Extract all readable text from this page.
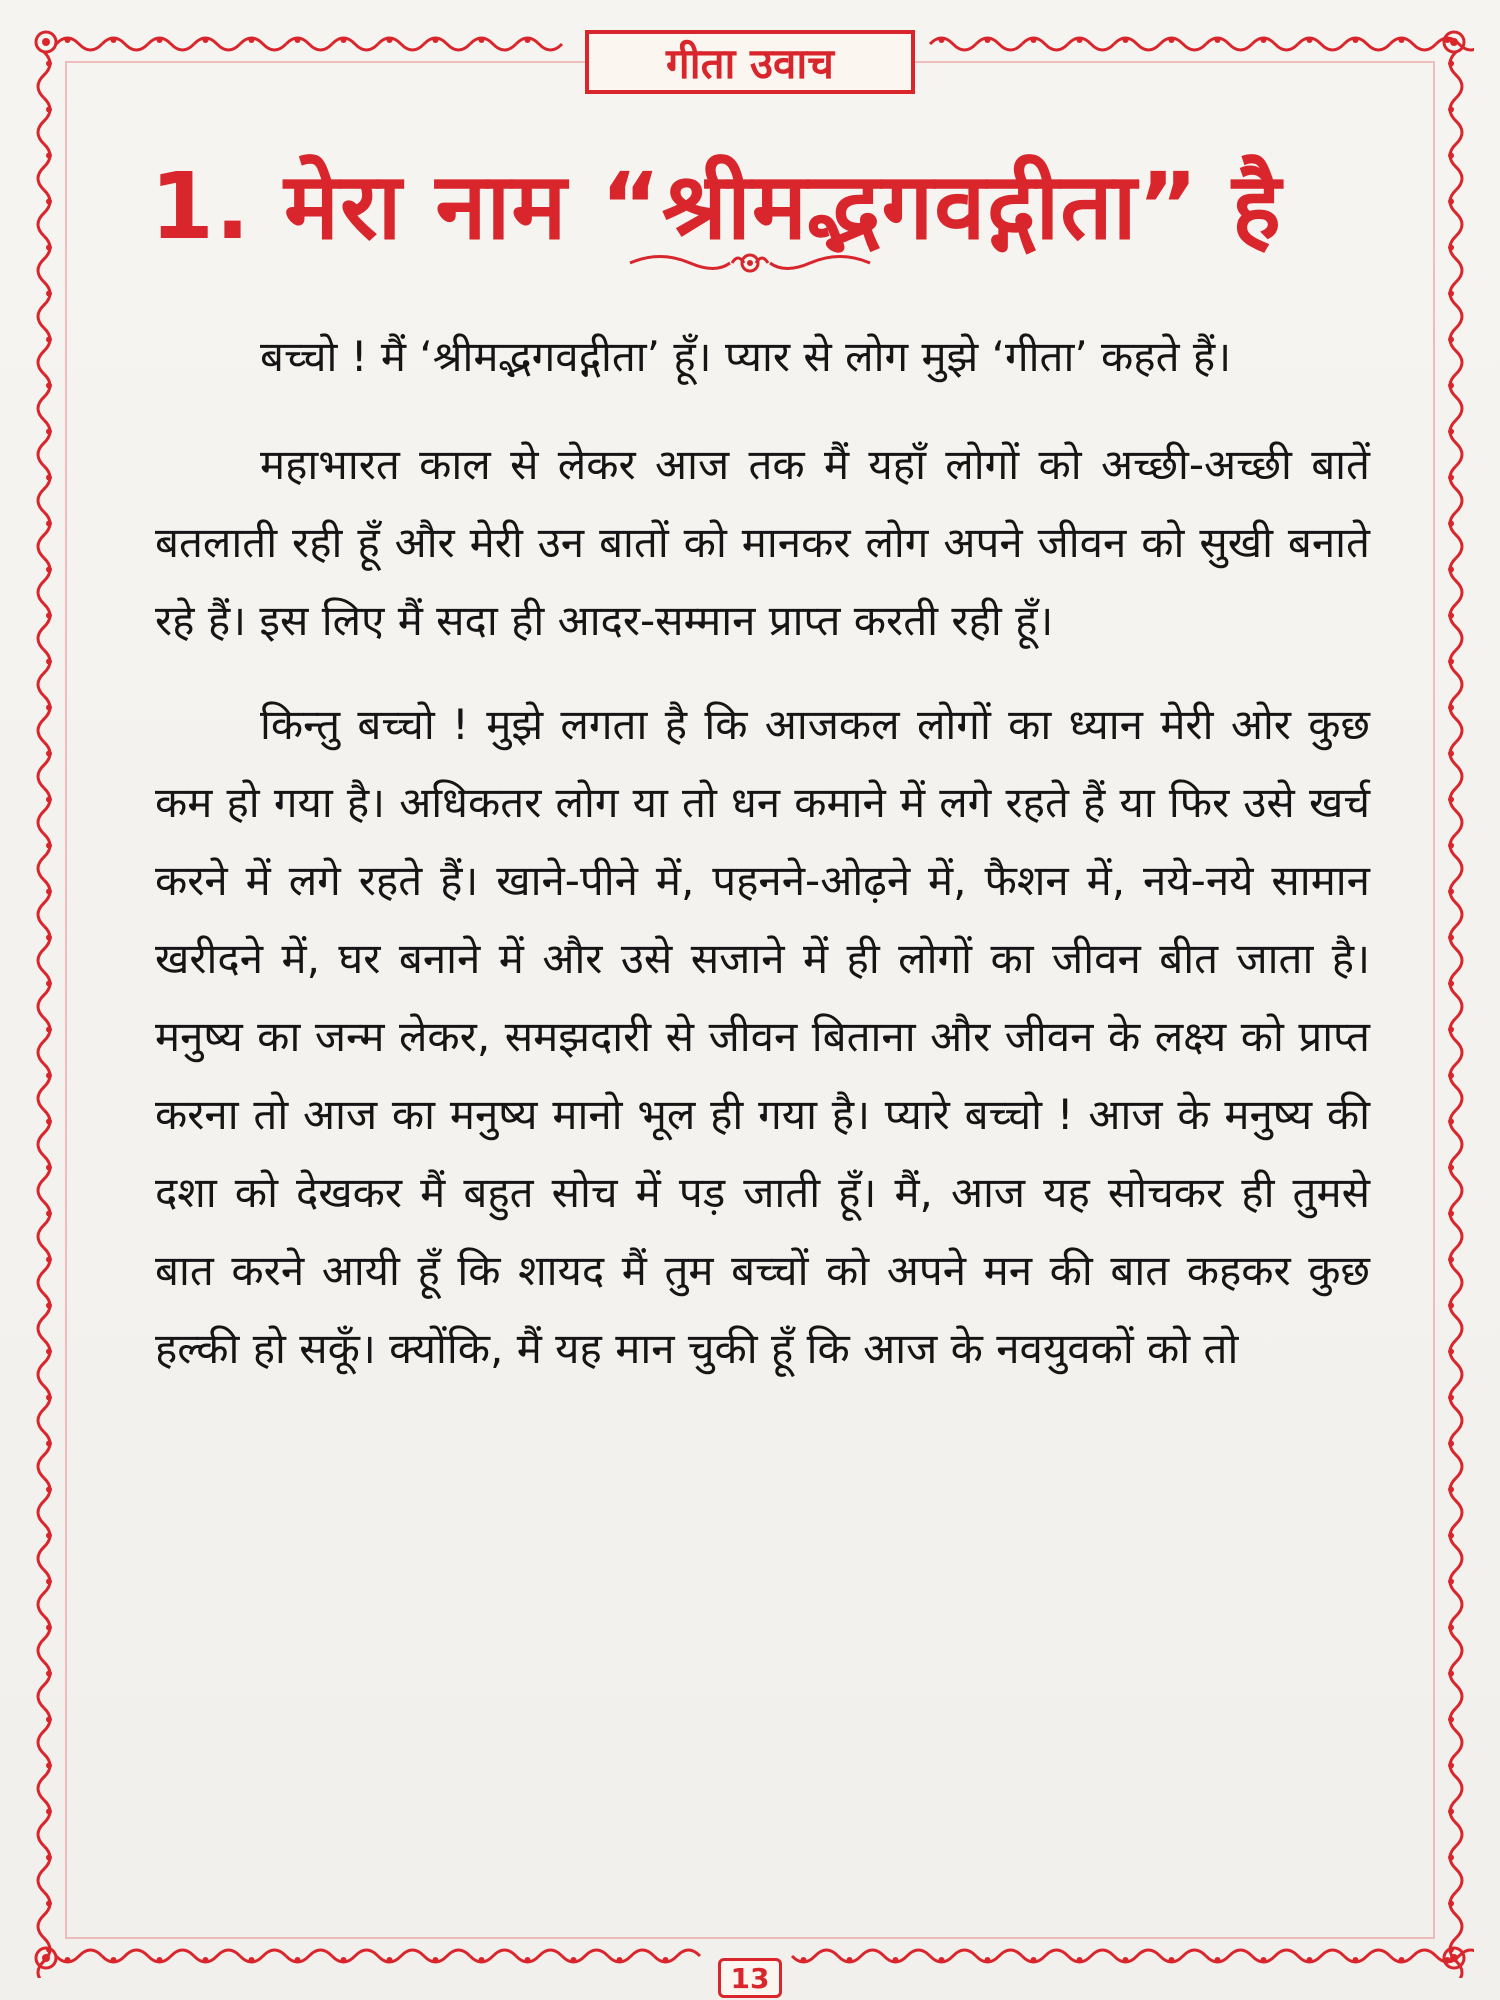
गीता उवाच
1. मेरा नाम “श्रीमद्भगवद्गीता” है

बच्चो ! मैं ‘श्रीमद्भगवद्गीता’ हूँ। प्यार से लोग मुझे ‘गीता’ कहते हैं।

महाभारत काल से लेकर आज तक मैं यहाँ लोगों को अच्छी-अच्छी बातें बतलाती रही हूँ और मेरी उन बातों को मानकर लोग अपने जीवन को सुखी बनाते रहे हैं। इस लिए मैं सदा ही आदर-सम्मान प्राप्त करती रही हूँ।

किन्तु बच्चो ! मुझे लगता है कि आजकल लोगों का ध्यान मेरी ओर कुछ कम हो गया है। अधिकतर लोग या तो धन कमाने में लगे रहते हैं या फिर उसे खर्च करने में लगे रहते हैं। खाने-पीने में, पहनने-ओढ़ने में, फैशन में, नये-नये सामान खरीदने में, घर बनाने में और उसे सजाने में ही लोगों का जीवन बीत जाता है। मनुष्य का जन्म लेकर, समझदारी से जीवन बिताना और जीवन के लक्ष्य को प्राप्त करना तो आज का मनुष्य मानो भूल ही गया है। प्यारे बच्चो ! आज के मनुष्य की दशा को देखकर मैं बहुत सोच में पड़ जाती हूँ। मैं, आज यह सोचकर ही तुमसे बात करने आयी हूँ कि शायद मैं तुम बच्चों को अपने मन की बात कहकर कुछ हल्की हो सकूँ। क्योंकि, मैं यह मान चुकी हूँ कि आज के नवयुवकों को तो

13
